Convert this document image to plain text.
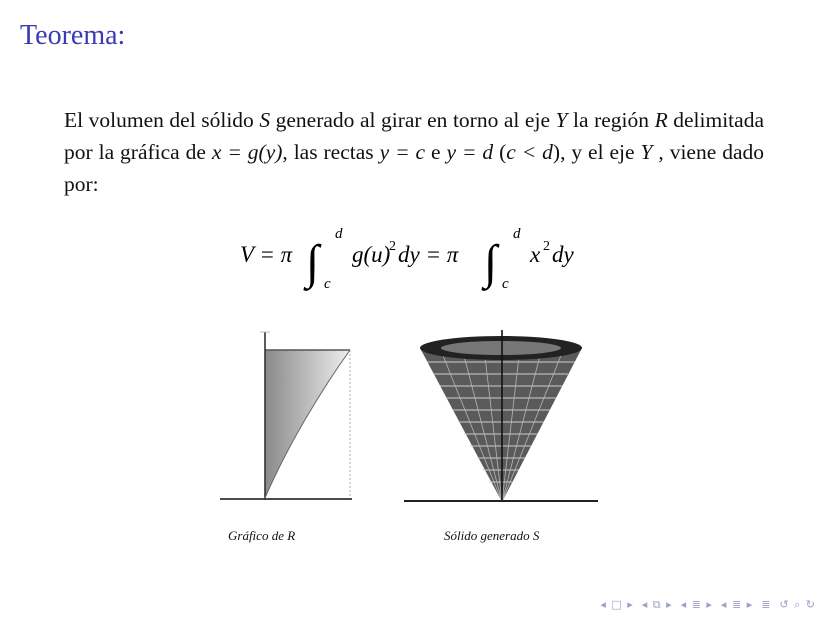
Teorema:
El volumen del sólido S generado al girar en torno al eje Y la región R delimitada por la gráfica de x = g(y), las rectas y = c e y = d (c < d), y el eje Y , viene dado por:
V = π ∫
d
c
g(u)
2 dy = π ∫
d
c
x 2 dy
Gráfico de R	Sólido generado S
◂ □ ▸ ◂ ⧉ ▸ ◂ ≣ ▸ ◂ ≣ ▸ ≣ ↺ ⌕ ↻
